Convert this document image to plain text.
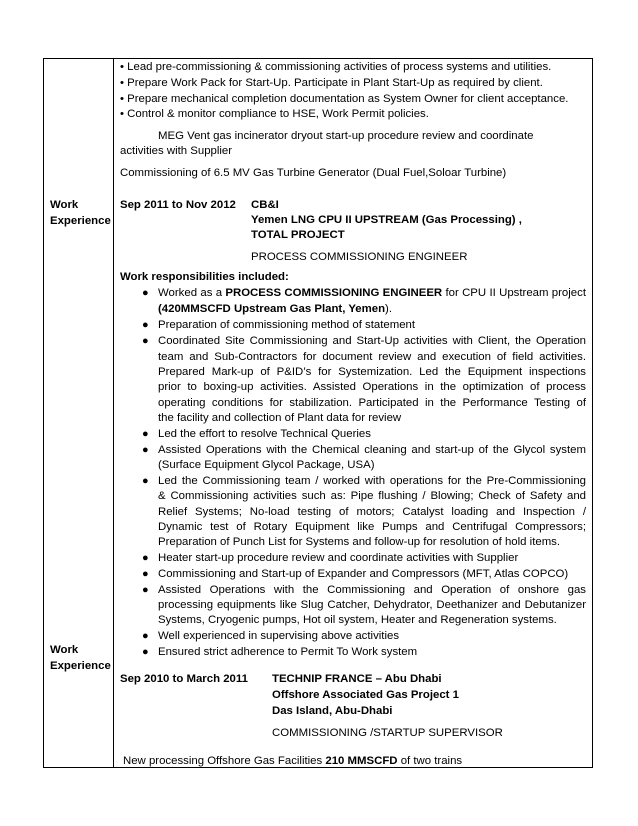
• Lead pre-commissioning & commissioning activities of process systems and utilities.
• Prepare Work Pack for Start-Up. Participate in Plant Start-Up as required by client.
• Prepare mechanical completion documentation as System Owner for client acceptance.
• Control & monitor compliance to HSE, Work Permit policies.
MEG Vent gas incinerator dryout start-up procedure review and coordinate
activities with Supplier
Commissioning of 6.5 MV Gas Turbine Generator (Dual Fuel,Soloar Turbine)
Work
Experience
Sep 2011 to Nov 2012 CB&I
Yemen LNG CPU II UPSTREAM (Gas Processing) ,
TOTAL PROJECT
PROCESS COMMISSIONING ENGINEER
Work responsibilities included:
● Worked as a PROCESS COMMISSIONING ENGINEER for CPU II Upstream project
(420MMSCFD Upstream Gas Plant, Yemen).
● Preparation of commissioning method of statement
● Coordinated Site Commissioning and Start-Up activities with Client, the Operation
team and Sub-Contractors for document review and execution of field activities.
Prepared Mark-up of P&ID’s for Systemization. Led the Equipment inspections
prior to boxing-up activities. Assisted Operations in the optimization of process
operating conditions for stabilization. Participated in the Performance Testing of
the facility and collection of Plant data for review
● Led the effort to resolve Technical Queries
● Assisted Operations with the Chemical cleaning and start-up of the Glycol system
(Surface Equipment Glycol Package, USA)
● Led the Commissioning team / worked with operations for the Pre-Commissioning
& Commissioning activities such as: Pipe flushing / Blowing; Check of Safety and
Relief Systems; No-load testing of motors; Catalyst loading and Inspection /
Dynamic test of Rotary Equipment like Pumps and Centrifugal Compressors;
Preparation of Punch List for Systems and follow-up for resolution of hold items.
● Heater start-up procedure review and coordinate activities with Supplier
● Commissioning and Start-up of Expander and Compressors (MFT, Atlas COPCO)
● Assisted Operations with the Commissioning and Operation of onshore gas
processing equipments like Slug Catcher, Dehydrator, Deethanizer and Debutanizer
Systems, Cryogenic pumps, Hot oil system, Heater and Regeneration systems.
● Well experienced in supervising above activities
Work
Experience
● Ensured strict adherence to Permit To Work system
Sep 2010 to March 2011 TECHNIP FRANCE – Abu Dhabi
Offshore Associated Gas Project 1
Das Island, Abu-Dhabi
COMMISSIONING /STARTUP SUPERVISOR
New processing Offshore Gas Facilities 210 MMSCFD of two trains
